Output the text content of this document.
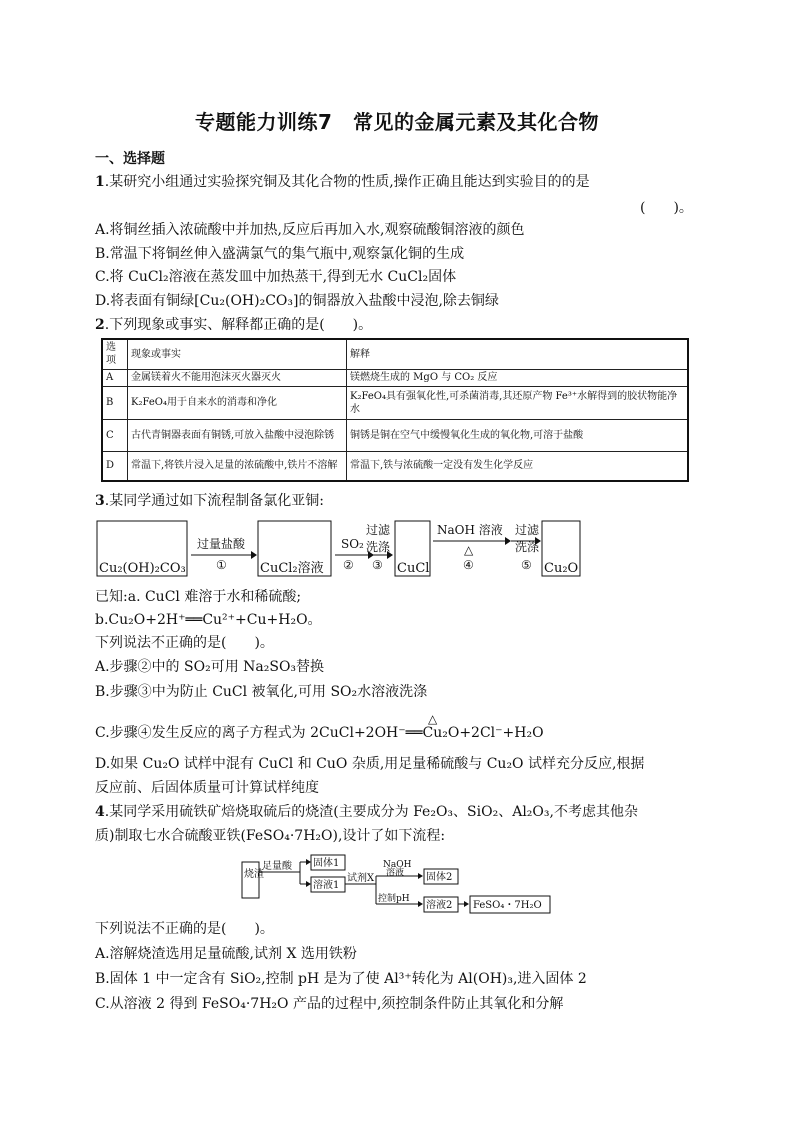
专题能力训练7　常见的金属元素及其化合物
一、选择题
1.某研究小组通过实验探究铜及其化合物的性质,操作正确且能达到实验目的的是
(　　)。
A.将铜丝插入浓硫酸中并加热,反应后再加入水,观察硫酸铜溶液的颜色
B.常温下将铜丝伸入盛满氯气的集气瓶中,观察氯化铜的生成
C.将 CuCl₂溶液在蒸发皿中加热蒸干,得到无水 CuCl₂固体
D.将表面有铜绿[Cu₂(OH)₂CO₃]的铜器放入盐酸中浸泡,除去铜绿
2.下列现象或事实、解释都正确的是(　　)。
选项	现象或事实	解释
A	金属镁着火不能用泡沫灭火器灭火	镁燃烧生成的 MgO 与 CO₂ 反应
B	K₂FeO₄用于自来水的消毒和净化	K₂FeO₄具有强氧化性,可杀菌消毒,其还原产物 Fe³⁺水解得到的胶状物能净水
C	古代青铜器表面有铜锈,可放入盐酸中浸泡除锈	铜锈是铜在空气中缓慢氧化生成的氧化物,可溶于盐酸
D	常温下,将铁片浸入足量的浓硫酸中,铁片不溶解	常温下,铁与浓硫酸一定没有发生化学反应
3.某同学通过如下流程制备氯化亚铜:
Cu₂(OH)₂CO₃
过量盐酸
①	CuCl₂溶液
SO₂
②
过滤
洗涤
③ CuCl
NaOH 溶液
△
④
过滤
洗涤
⑤ Cu₂O
已知:a. CuCl 难溶于水和稀硫酸;
b.Cu₂O+2H⁺══Cu²⁺+Cu+H₂O。
下列说法不正确的是(　　)。
A.步骤②中的 SO₂可用 Na₂SO₃替换
B.步骤③中为防止 CuCl 被氧化,可用 SO₂水溶液洗涤
△
C.步骤④发生反应的离子方程式为 2CuCl+2OH⁻══Cu₂O+2Cl⁻+H₂O
D.如果 Cu₂O 试样中混有 CuCl 和 CuO 杂质,用足量稀硫酸与 Cu₂O 试样充分反应,根据
反应前、后固体质量可计算试样纯度
4.某同学采用硫铁矿焙烧取硫后的烧渣(主要成分为 Fe₂O₃、SiO₂、Al₂O₃,不考虑其他杂
质)制取七水合硫酸亚铁(FeSO₄·7H₂O),设计了如下流程:
烧渣
足量酸 固体1
溶液1
试剂X
NaOH
溶液
控制pH
固体2
溶液2 FeSO₄・7H₂O
下列说法不正确的是(　　)。
A.溶解烧渣选用足量硫酸,试剂 X 选用铁粉
B.固体 1 中一定含有 SiO₂,控制 pH 是为了使 Al³⁺转化为 Al(OH)₃,进入固体 2
C.从溶液 2 得到 FeSO₄·7H₂O 产品的过程中,须控制条件防止其氧化和分解
